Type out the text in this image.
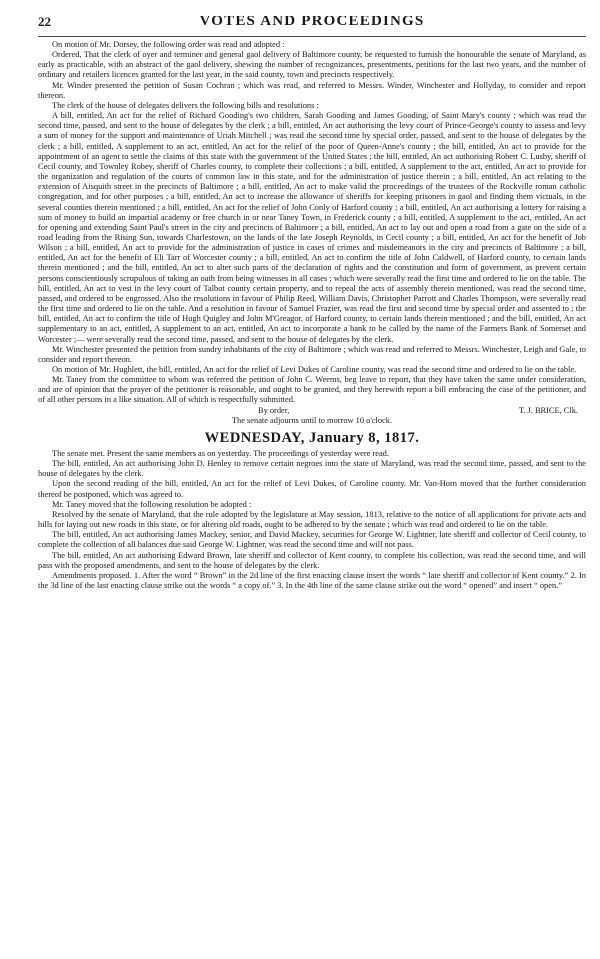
22	VOTES AND PROCEEDINGS

On motion of Mr. Dorsey, the following order was read and adopted :

Ordered, That the clerk of oyer and terminer and general gaol delivery of Baltimore county, be requested to furnish the honourable the senate of Maryland, as early as practicable, with an abstract of the gaol delivery, shewing the number of recognizances, presentments, petitions for the last two years, and the number of ordinary and retailers licences granted for the last year, in the said county, town and precincts respectively.

Mr. Winder presented the petition of Susan Cochran ; which was read, and referred to Messrs. Winder, Winchester and Hollyday, to consider and report thereon.

The clerk of the house of delegates delivers the following bills and resolutions :

A bill, entitled, An act for the relief of Richard Gooding's two children, Sarah Gooding and James Gooding, of Saint Mary's county ; which was read the second time, passed, and sent to the house of delegates by the clerk ; a bill, entitled, An act authorising the levy court of Prince-George's county to assess and levy a sum of money for the support and maintenance of Uriah Mitchell ; was read the second time by special order, passed, and sent to the house of delegates by the clerk ; a bill, entitled, A supplement to an act, entitled, An act for the relief of the poor of Queen-Anne's county ; the bill, entitled, An act to provide for the appointment of an agent to settle the claims of this state with the government of the United States ; the bill, entitled, An act authorising Robert C. Lusby, sheriff of Cecil county, and Townley Robey, sheriff of Charles county, to complete their collections ; a bill, entitled, A supplement to the act, entitled, An act to provide for the organization and regulation of the courts of common law in this state, and for the administration of justice therein ; a bill, entitled, An act relating to the extension of Aisquith street in the precincts of Baltimore ; a bill, entitled, An act to make valid the proceedings of the trustees of the Rockville roman catholic congregation, and for other purposes ; a bill, entitled, An act to increase the allowance of sheriffs for keeping prisoners in gaol and finding them victuals, in the several counties therein mentioned ; a bill, entitled, An act for the relief of John Conly of Harford county ; a bill, entitled, An act authorising a lottery for raising a sum of money to build an impartial academy or free church in or near Taney Town, in Frederick county ; a bill, entitled, A supplement to the act, entitled, An act for opening and extending Saint Paul's street in the city and precincts of Baltimore ; a bill, entitled, An act to lay out and open a road from a gate on the side of a road leading from the Rising Sun, towards Charlestown, on the lands of the late Joseph Reynolds, in Cecil county ; a bill, entitled, An act for the benefit of Job Wilson ; a bill, entitled, An act to provide for the administration of justice in cases of crimes and misdemeanors in the city and precincts of Baltimore ; a bill, entitled, An act for the benefit of Eli Tarr of Worcester county ; a bill, entitled, An act to confirm the title of John Caldwell, of Harford county, to certain lands therein mentioned ; and the bill, entitled, An act to alter such parts of the declaration of rights and the constitution and form of government, as prevent certain persons conscientiously scrupulous of taking an oath from being witnesses in all cases ; which were severally read the first time and ordered to lie on the table. The bill, entitled, An act to vest in the levy court of Talbot county certain property, and to repeal the acts of assembly therein mentioned, was read the second time, passed, and ordered to be engrossed. Also the resolutions in favour of Philip Reed, William Davis, Christopher Parrott and Charles Thompson, were severally read the first time and ordered to lie on the table. And a resolution in favour of Samuel Frazier, was read the first and second time by special order and assented to ; the bill, entitled, An act to confirm the title of Hugh Quigley and John M'Greagor, of Harford county, to certain lands therein mentioned ; and the bill, entitled, An act supplementary to an act, entitled, A supplement to an act, entitled, An act to incorporate a bank to be called by the name of the Farmers Bank of Somerset and Worcester ;— were severally read the second time, passed, and sent to the house of delegates by the clerk.

Mr. Winchester presented the petition from sundry inhabitants of the city of Baltimore ; which was read and referred to Messrs. Winchester, Leigh and Gale, to consider and report thereon.

On motion of Mr. Hughlett, the bill, entitled, An act for the relief of Levi Dukes of Caroline county, was read the second time and ordered to lie on the table.

Mr. Taney from the committee to whom was referred the petition of John C. Weems, beg leave to report, that they have taken the same under consideration, and are of opinion that the prayer of the petitioner is reasonable, and ought to be granted, and they herewith report a bill embracing the case of the petitioner, and of all other persons in a like situation. All of which is respectfully submitted.

By order,	T. J. BRICE, Clk.

The senate adjourns until to morrow 10 o'clock.

WEDNESDAY, January 8, 1817.

The senate met. Present the same members as on yesterday. The proceedings of yesterday were read.

The bill, entitled, An act authorising John D. Henley to remove certain negroes into the state of Maryland, was read the second time, passed, and sent to the house of delegates by the clerk.

Upon the second reading of the bill, entitled, An act for the relief of Levi Dukes, of Caroline county. Mr. Van-Horn moved that the further consideration thereof be postponed, which was agreed to.

Mr. Taney moved that the following resolution be adopted :

Resolved by the senate of Maryland, that the rule adopted by the legislature at May session, 1813, relative to the notice of all applications for private acts and bills for laying out new roads in this state, or for altering old roads, ought to be adhered to by the senate ; which was read and ordered to lie on the table.

The bill, entitled, An act authorising James Mackey, senior, and David Mackey, securities for George W. Lightner, late sheriff and collector of Cecil county, to complete the collection of all balances due said George W. Lightner, was read the second time and will not pass.

The bill, entitled, An act authorising Edward Brown, late sheriff and collector of Kent county, to complete his collection, was read the second time, and will pass with the proposed amendments, and sent to the house of delegates by the clerk.

Amendments proposed. 1. After the word “ Brown” in the 2d line of the first enacting clause insert the words “ late sheriff and collector of Kent county.” 2. In the 3d line of the last enacting clause strike out the words “ a copy of.” 3. In the 4th line of the same clause strike out the word “ opened” and insert “ open.”
